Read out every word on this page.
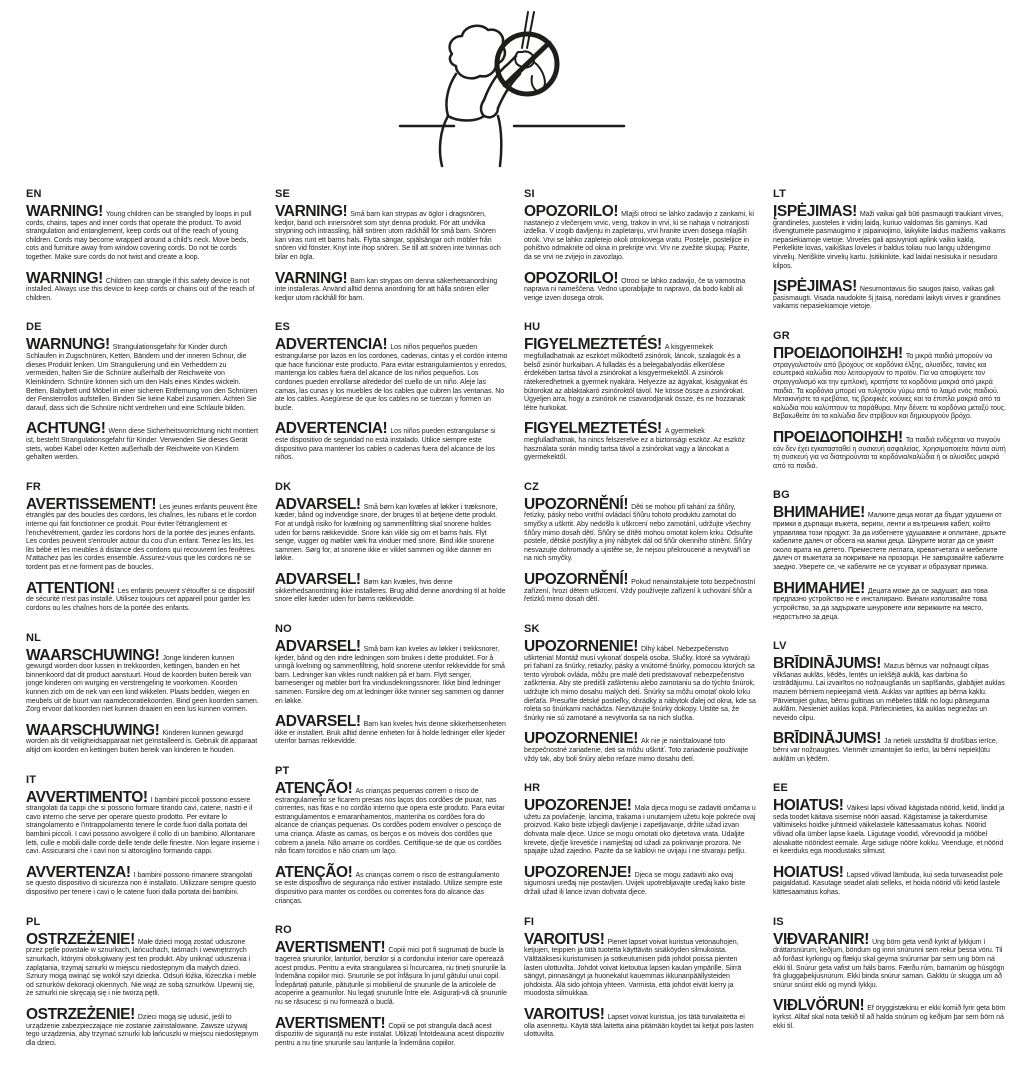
EN

WARNING! Young children can be strangled by loops in pull cords, chains, tapes and inner cords that operate the product. To avoid strangulation and entanglement, keep cords out of the reach of young children. Cords may become wrapped around a child's neck. Move beds, cots and furniture away from window covering cords. Do not tie cords together. Make sure cords do not twist and create a loop.

WARNING! Children can strangle if this safety device is not installed. Always use this device to keep cords or chains out of the reach of children.

DE

WARNUNG! Strangulationsgefahr für Kinder durch Schlaufen in Zugschnüren, Ketten, Bändern und der inneren Schnur, die dieses Produkt lenken. Um Strangulierung und ein Verheddern zu vermeiden, halten Sie die Schnüre außerhalb der Reichweite von Kleinkindern. Schnüre können sich um den Hals eines Kindes wickeln. Betten, Babybett und Möbel in einer sicheren Entfernung von den Schnüren der Fensterrollos aufstellen. Binden Sie keine Kabel zusammen. Achten Sie darauf, dass sich die Schnüre nicht verdrehen und eine Schlaufe bilden.

ACHTUNG! Wenn diese Sicherheitsvorrichtung nicht montiert ist, besteht Strangulationsgefahr für Kinder. Verwenden Sie dieses Gerät stets, wobei Kabel oder Ketten außerhalb der Reichweite von Kindern gehalten werden.

FR

AVERTISSEMENT! Les jeunes enfants peuvent être étranglés par des boucles des cordons, les chaînes, les rubans et le cordon interne qui fait fonctionner ce produit. Pour éviter l'étranglement et l'enchevêtrement, gardez les cordons hors de la portée des jeunes enfants. Les cordes peuvent s'enrouler autour du cou d'un enfant. Tenez les lits, les lits bébé et les meubles à distance des cordons qui recouvrent les fenêtres. N'attachez pas les cordes ensemble. Assurez-vous que les cordons ne se tordent pas et ne forment pas de boucles.

ATTENTION! Les enfants peuvent s'étouffer si ce dispositif de sécurité n'est pas installé. Utilisez toujours cet appareil pour garder les cordons ou les chaînes hors de la portée des enfants.

NL

WAARSCHUWING! Jonge kinderen kunnen gewurgd worden door lussen in trekkoorden, kettingen, banden en het binnenkoord dat dit product aanstuurt. Houd de koorden buiten bereik van jonge kinderen om wurging en verstrengeling te voorkomen. Koorden kunnen zich om de nek van een kind wikkelen. Plaats bedden, wiegen en meubels uit de buurt van raamdecoratiekoorden. Bind geen koorden samen. Zorg ervoor dat koorden niet kunnen draaien en een lus kunnen vormen.

WAARSCHUWING! Kinderen kunnen gewurgd worden als dit veiligheidsapparaat niet geïnstalleerd is. Gebruik dit apparaat altijd om koorden en kettingen buiten bereik van kinderen te houden.

IT

AVVERTIMENTO! I bambini piccoli possono essere strangolati da cappi che si possono formare tirando cavi, catene, nastri e il cavo interno che serve per operare questo prodotto. Per evitare lo strangolamento e l'intrappolamento tenere le corde fuori dalla portata dei bambini piccoli. I cavi possono avvolgere il collo di un bambino. Allontanare letti, culle e mobili dalle corde delle tende delle finestre. Non legare insieme i cavi. Assicurarsi che i cavi non si attorciglino formando cappi.

AVVERTENZA! I bambini possono rimanere strangolati se questo dispositivo di sicurezza non è installato. Utilizzare sempre questo dispositivo per tenere i cavi o le catene fuori dalla portata dei bambini.

PL

OSTRZEŻENIE! Małe dzieci mogą zostać uduszone przez pętle powstałe w sznurkach, łańcuchach, taśmach i wewnętrznych sznurkach, którymi obsługiwany jest ten produkt. Aby uniknąć uduszenia i zaplątania, trzymaj sznurki w miejscu niedostępnym dla małych dzieci. Sznury mogą owinąć się wokół szyi dziecka. Odsuń łóżka, łóżeczka i meble od sznurków dekoracji okiennych. Nie wiąż ze sobą sznurków. Upewnij się, że sznurki nie skręcają się i nie tworzą pętli.

OSTRZEŻENIE! Dzieci mogą się udusić, jeśli to urządzenie zabezpieczające nie zostanie zainstalowane. Zawsze używaj tego urządzenia, aby trzymać sznurki lub łańcuszki w miejscu niedostępnym dla dzieci.

SE

VARNING! Små barn kan strypas av öglor i dragsnören, kedjor, band och innersnöret som styr denna produkt. För att undvika strypning och intrassling, håll snören utom räckhåll för små barn. Snören kan viras runt ett barns hals. Flytta sängar, spjälsängar och möbler från snören vid fönster. Knyt inte ihop snören. Se till att snören inte tvinnas och bilar en ögla.

VARNING! Barn kan strypas om denna säkerhetsanordning inte installeras. Använd alltid denna anordning för att hålla snören eller kedjor utom räckhåll för barn.

ES

ADVERTENCIA! Los niños pequeños pueden estrangularse por lazos en los cordones, cadenas, cintas y el cordón interno que hace funcionar este producto. Para evitar estrangulamientos y enredos, mantenga los cables fuera del alcance de los niños pequeños. Los cordones pueden enrollarse alrededor del cuello de un niño. Aleje las camas, las cunas y los muebles de los cables que cubren las ventanas. No ate los cables. Asegúrese de que los cables no se tuerzan y formen un bucle.

ADVERTENCIA! Los niños pueden estrangularse si este dispositivo de seguridad no está instalado. Utilice siempre este dispositivo para mantener los cables o cadenas fuera del alcance de los niños.

DK

ADVARSEL! Små børn kan kvæles af løkker i træksnore, kæder, bånd og indvendige snore, der bruges til at betjene dette produkt. For at undgå risiko for kvælning og sammenfiltring skal snorene holdes uden for børns rækkevidde. Snore kan vikle sig om et barns hals. Flyt senge, vugger og møbler væk fra vinduer med snore. Bind ikke snorene sammen. Sørg for, at snorene ikke er viklet sammen og ikke danner en løkke.

ADVARSEL! Børn kan kvæles, hvis denne sikkerhedsanordning ikke installeres. Brug altid denne anordning til at holde snore eller kæder uden for børns rækkevidde.

NO

ADVARSEL! Små barn kan kveles av løkker i trekksnorer, kjeder, bånd og den indre ledningen som brukes i dette produktet. For å unngå kvelning og sammenfiltring, hold snorene utenfor rekkevidde for små barn. Ledninger kan vikles rundt nakken på et barn. Flytt senger, barnesenger og møbler bort fra vindusdekningssnorer. Ikke bind ledninger sammen. Forsikre deg om at ledninger ikke tvinner seg sammen og danner en løkke.

ADVARSEL! Barn kan kveles hvis denne sikkerhetsenheten ikke er installert. Bruk alltid denne enheten for å holde ledninger eller kjeder utenfor barnas rekkevidde.

PT

ATENÇÃO! As crianças pequenas correm o risco de estrangulamento se ficarem presas nos laços dos cordões de puxar, nas correntes, nas fitas e no cordão interno que opera este produto. Para evitar estrangulamentos e emaranhamentos, mantenha os cordões fora do alcance de crianças pequenas. Os cordões podem envolver o pescoço de uma criança. Afaste as camas, os berços e os móveis dos cordões que cobrem a janela. Não amarre os cordões. Certifique-se de que os cordões não ficam torcidos e não criam um laço.

ATENÇÃO! As crianças correm o risco de estrangulamento se este dispositivo de segurança não estiver instalado. Utilize sempre este dispositivo para manter os cordões ou correntes fora do alcance das crianças.

RO

AVERTISMENT! Copiii mici pot fi sugrumați de bucle la tragerea șnururilor, lanțurilor, benzilor și a cordonului interior care operează acest produs. Pentru a evita strangularea și încurcarea, nu țineți șnururile la îndemâna copiilor mici. Șnururile se pot înfășura în jurul gâtului unui copil. Îndepărtați paturile, pătuțurile și mobilierul de șnururile de la articolele de acoperire a geamurilor. Nu legați șnururile între ele. Asigurați-vă că șnururile nu se răsucesc și nu formează o buclă.

AVERTISMENT! Copiii se pot strangula dacă acest dispozitiv de siguranță nu este instalat. Utilizați întotdeauna acest dispozitiv pentru a nu ține șnururile sau lanțurile la îndemâna copiilor.

SI

OPOZORILO! Mlajši otroci se lahko zadavijo z zankami, ki nastanejo z vlečenjem vrvic, verig, trakov in vrvi, ki se nahaja v notranjosti izdelka. V izogib davljenju in zapletanju, vrvi hranite izven dosega mlajših otrok. Vrvi se lahko zapletejo okoli otrokovega vratu. Postelje, posteljice in pohištvo odmaknite od okna in prekrijte vrvi. Vrv ne zvežite skupaj. Pazite, da se vrvi ne zvijejo in zavozlajo.

OPOZORILO! Otroci se lahko zadavijo, če ta varnostna naprava ni nameščena. Vedno uporabljajte to napravo, da bodo kabli ali verige izven dosega otrok.

HU

FIGYELMEZTETÉS! A kisgyermekek megfulladhatnak az eszközt működtető zsinórok, láncok, szalagok és a belső zsinór hurkaiban. A fulladás és a belegabalyodás elkerülése érdekében tartsa távol a zsinórokat a kisgyermekektől. A zsinórok rátekeredhetnek a gyermek nyakára. Helyezze az ágyakat, kiságyakat és bútorokat az ablaktakaró zsinóroktól távol. Ne kösse össze a zsinórokat. Ügyeljen arra, hogy a zsinórok ne csavarodjanak össze, és ne hozzanak létre hurkokat.

FIGYELMEZTETÉS! A gyermekek megfulladhatnak, ha nincs felszerelve ez a biztonsági eszköz. Az eszköz használata során mindig tartsa távol a zsinórokat vagy a láncokat a gyermekektől.

CZ

UPOZORNĚNÍ! Děti se mohou při tahání za šňůry, řetízky, pásky nebo vnitřní ovládací šňůru tohoto produktu zamotat do smyčky a uškrtit. Aby nedošlo k uškrcení nebo zamotání, udržujte všechny šňůry mimo dosah dětí. Šňůry se dítěti mohou omotat kolem krku. Odsuňte postele, dětské postýlky a jiný nábytek dál od šňůr okenního stínění. Šňůry nesvazujte dohromady a ujistěte se, že nejsou překroucené a nevytváří se na nich smyčky.

UPOZORNĚNÍ! Pokud nenainstalujete toto bezpečnostní zařízení, hrozí dětem uškrcení. Vždy používejte zařízení k uchování šňůr a řetízků mimo dosah dětí.

SK

UPOZORNENIE! Dlhý kábel. Nebezpečenstvo uškrtenia! Montáž musí vykonať dospelá osoba. Slučky, ktoré sa vytvárajú pri ťahaní za šnúrky, retiazky, pásky a vnútorné šnúrky, pomocou ktorých sa tento výrobok ovláda, môžu pre malé deti predstavovať nebezpečenstvo zaškrtenia. Aby ste predišli zaškrteniu alebo zamotaniu sa do týchto šnúrok, udržujte ich mimo dosahu malých detí. Šnúrky sa môžu omotať okolo krku dieťaťa. Presuňte detské postieľky, ohrádky a nábytok ďalej od okna, kde sa roleta so šnúrkami nachádza. Nezväzujte šnúrky dokopy. Uistite sa, že šnúrky nie sú zamotané a nevytvorila sa na nich slučka.

UPOZORNENIE! Ak nie je nainštalované toto bezpečnostné zariadenie, deti sa môžu uškrtiť. Toto zariadenie používajte vždy tak, aby boli šnúry alebo reťaze mimo dosahu detí.

HR

UPOZORENJE! Mala djeca mogu se zadaviti omčama u užetu za povlačenje, lancima, trakama i unutarnjem užetu koje pokreće ovaj proizvod. Kako biste izbjegli davljenje i zapetljavanje, držite užad izvan dohvata male djece. Uzice se mogu omotati oko djetetova vrata. Udaljite krevete, dječje krevetiće i namještaj od užadi za pokrivanje prozora. Ne spajajte užad zajedno. Pazite da se kablovi ne uvijaju i ne stvaraju petlju.

UPOZORENJE! Djeca se mogu zadaviti ako ovaj sigurnosni uređaj nije postavljen. Uvijek upotrebljavajte uređaj kako biste držali užad ili lance izvan dohvata djece.

FI

VAROITUS! Pienet lapset voivat kuristua vetonauhojen, ketjujen, teippien ja tätä tuotetta käyttävän sisäköyden silmukoista. Välttääksesi kuristumisen ja sotkeutumisen pidä johdot poissa pienten lasten ulottuvilta. Johdot voivat kietoutua lapsen kaulan ympärille. Siirrä sängyt, pinnasängyt ja huonekalut kauemmas ikkunanpäällysteiden johdoista. Älä sido johtoja yhteen. Varmista, että johdot eivät kierry ja muodosta silmukkaa.

VAROITUS! Lapset voivat kuristua, jos tätä turvalaitetta ei olla asennettu. Käytä tätä laitetta aina pitämään köydet tai ketjut pois lasten ulottuvilta.

LT

ĮSPĖJIMAS! Maži vaikai gali būti pasmaugti traukiant virves, grandineles, juosteles ir vidinį laidą, kuriuo valdomas šis gaminys. Kad išvengtumėte pasmaugimo ir įsipainiojimo, laikykite laidus mažiems vaikams nepasiekiamoje vietoje. Virvelės gali apsivynioti aplink vaiko kaklą. Perkelkite lovas, vaikiškas loveles ir baldus toliau nuo langų uždengimo virvelių. Neriškite virvelių kartu. Įsitikinkite, kad laidai nesisuka ir nesudaro kilpos.

ĮSPĖJIMAS! Nesumontavus šio saugos įtaiso, vaikas gali pasismaugti. Visada naudokite šį įtaisą, norėdami laikyti virves ir grandines vaikams nepasiekiamoje vietoje.

GR

ΠΡΟΕΙΔΟΠΟΙΗΣΗ! Τα μικρά παιδιά μπορούν να στραγγαλιστούν από βρόχους σε κορδόνια έλξης, αλυσίδες, ταινίες και εσωτερικά καλώδια που λειτουργούν το προϊόν. Για να αποφύγετε τον στραγγαλισμό και την εμπλοκή, κρατήστε τα κορδόνια μακριά από μικρά παιδιά. Τα κορδόνια μπορεί να τυλιχτούν γύρω από το λαιμό ενός παιδιού. Μετακινήστε τα κρεβάτια, τις βρεφικές κούνιες και τα έπιπλα μακριά από τα καλώδια που καλύπτουν τα παράθυρα. Μην δένετε τα κορδόνια μεταξύ τους. Βεβαιωθείτε ότι τα καλώδια δεν στρίβουν και δημιουργούν βρόχο.

ΠΡΟΕΙΔΟΠΟΙΗΣΗ! Τα παιδιά ενδέχεται να πνιγούν εάν δεν έχει εγκατασταθεί η συσκευή ασφαλείας. Χρησιμοποιείτε πάντα αυτή τη συσκευή για να διατηρούνται τα κορδόνια/καλώδια ή οι αλυσίδες μακριά από τα παιδιά.

BG

ВНИМАНИЕ! Малките деца могат да бъдат удушени от примки в дърпащи въжета, вериги, ленти и вътрешния кабел, който управлява този продукт. За да избегнете удушаване и оплитане, дръжте кабелите далеч от обсега на малки деца. Шнурите могат да се увият около врата на детето. Преместете леглата, креватчетата и мебелите далеч от въжетата за покриване на прозорци. Не завързвайте кабелите заедно. Уверете се, че кабелите не се усукват и образуват примка.

ВНИМАНИЕ! Децата може да се задушат, ако това предпазно устройство не е инсталирано. Винаги използвайте това устройство, за да задържате шнуровете или верижките на място, недостъпно за деца.

LV

BRĪDINĀJUMS! Mazus bērnus var nožņaugt cilpas vilkšanas auklās, ķēdēs, lentēs un iekšējā auklā, kas darbina šo izstrādājumu. Lai izvairītos no nožņaugšanās un sapīšanās, glabājiet auklas maziem bērniem nepieejamā vietā. Auklas var aptīties ap bērna kaklu. Pārvietojiet gultas, bērnu gultiņas un mēbeles tālāk no logu pārseguma auklām. Nesieniet auklas kopā. Pārliecinieties, ka auklas negriežas un neveido cilpu.

BRĪDINĀJUMS! Ja netiek uzstādīta šī drošības ierīce, bērni var nožņaugties. Vienmēr izmantojiet šo ierīci, lai bērni nepiekļūtu auklām un ķēdēm.

EE

HOIATUS! Väikesi lapsi võivad kägistada nöörid, ketid, lindid ja seda toodet käitava sisemise nööri aasad. Kägistamise ja takerdumise vältimiseks hoidke juhtmeid väikelastele kättesaamatus kohas. Nöörid võivad olla ümber lapse kaela. Liigutage voodid, võrevoodid ja mööbel aknakatte nööridest eemale. Ärge siduge nööre kokku. Veenduge, et nöörid ei keerduks ega moodustaks silmust.

HOIATUS! Lapsed võivad lämbuda, kui seda turvaseadist pole paigaldatud. Kasutage seadet alati selleks, et hoida nöörid või ketid lastele kättesaamatus kohas.

IS

VIÐVARANIR! Ung börn geta verið kyrkt af lykkjum í dráttarsnúrum, keðjum, böndum og innri snúrunni sem rekur þessa vöru. Til að forðast kyrkingu og flækju skal geyma snúrurnar þar sem ung börn ná ekki til. Snúrur geta vafist um háls barns. Færðu rúm, barnarúm og húsgögn frá gluggaþekjusnúrum. Ekki binda snúrur saman. Gakktu úr skugga um að snúrur snúist ekki og myndi lykkju.

VIÐLVÖRUN! Ef öryggistækinu er ekki komið fyrir geta börn kyrkst. Alltaf skal nota tækið til að halda snúrum og keðjum þar sem börn ná ekki til.
